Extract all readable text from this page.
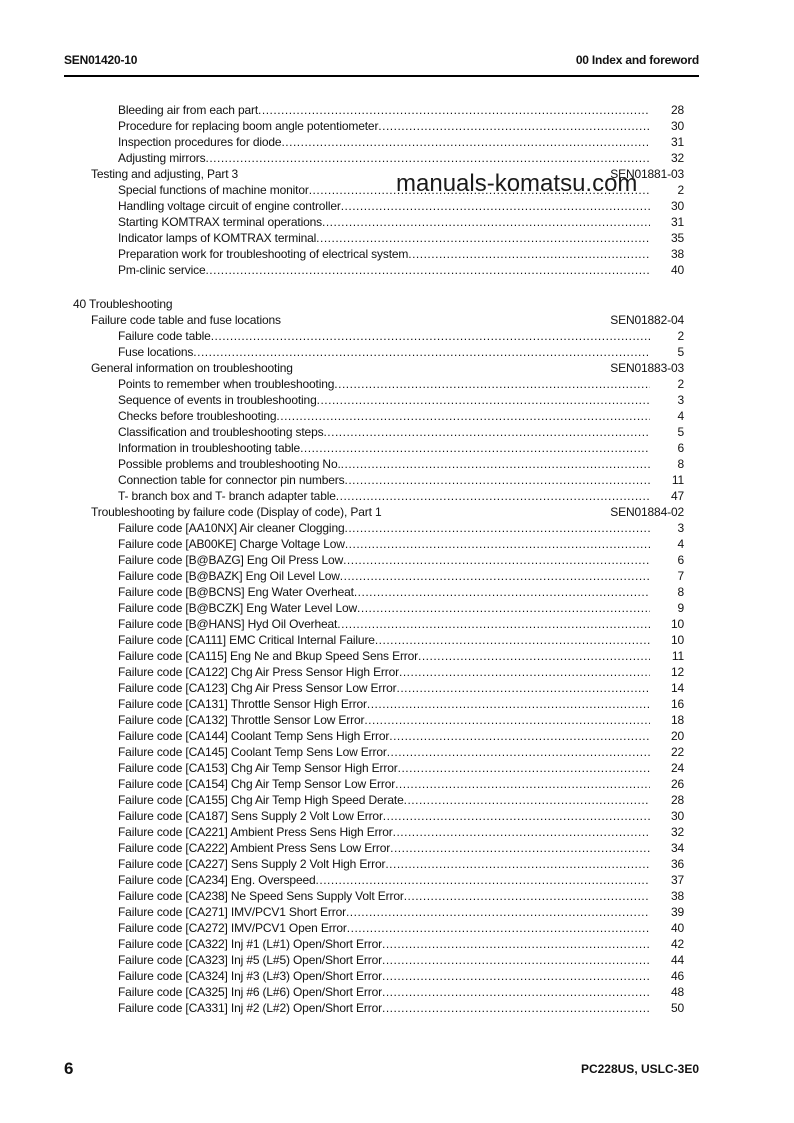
SEN01420-10	00 Index and foreword
manuals-komatsu.com
Bleeding air from each part .....	28
Procedure for replacing boom angle potentiometer .....	30
Inspection procedures for diode .....	31
Adjusting mirrors .....	32
Testing and adjusting, Part 3	SEN01881-03
Special functions of machine monitor .....	2
Handling voltage circuit of engine controller .....	30
Starting KOMTRAX terminal operations .....	31
Indicator lamps of KOMTRAX terminal .....	35
Preparation work for troubleshooting of electrical system .....	38
Pm-clinic service .....	40
40 Troubleshooting
Failure code table and fuse locations	SEN01882-04
Failure code table .....	2
Fuse locations .....	5
General information on troubleshooting	SEN01883-03
Points to remember when troubleshooting .....	2
Sequence of events in troubleshooting .....	3
Checks before troubleshooting .....	4
Classification and troubleshooting steps .....	5
Information in troubleshooting table .....	6
Possible problems and troubleshooting No. .....	8
Connection table for connector pin numbers .....	11
T- branch box and T- branch adapter table .....	47
Troubleshooting by failure code (Display of code), Part 1	SEN01884-02
Failure code [AA10NX] Air cleaner Clogging .....	3
Failure code [AB00KE] Charge Voltage Low .....	4
Failure code [B@BAZG] Eng Oil Press Low .....	6
Failure code [B@BAZK] Eng Oil Level Low .....	7
Failure code [B@BCNS] Eng Water Overheat .....	8
Failure code [B@BCZK] Eng Water Level Low .....	9
Failure code [B@HANS] Hyd Oil Overheat .....	10
Failure code [CA111] EMC Critical Internal Failure .....	10
Failure code [CA115] Eng Ne and Bkup Speed Sens Error .....	11
Failure code [CA122] Chg Air Press Sensor High Error .....	12
Failure code [CA123] Chg Air Press Sensor Low Error .....	14
Failure code [CA131] Throttle Sensor High Error .....	16
Failure code [CA132] Throttle Sensor Low Error .....	18
Failure code [CA144] Coolant Temp Sens High Error .....	20
Failure code [CA145] Coolant Temp Sens Low Error .....	22
Failure code [CA153] Chg Air Temp Sensor High Error .....	24
Failure code [CA154] Chg Air Temp Sensor Low Error .....	26
Failure code [CA155] Chg Air Temp High Speed Derate .....	28
Failure code [CA187] Sens Supply 2 Volt Low Error .....	30
Failure code [CA221] Ambient Press Sens High Error .....	32
Failure code [CA222] Ambient Press Sens Low Error .....	34
Failure code [CA227] Sens Supply 2 Volt High Error .....	36
Failure code [CA234] Eng. Overspeed .....	37
Failure code [CA238] Ne Speed Sens Supply Volt Error .....	38
Failure code [CA271] IMV/PCV1 Short Error .....	39
Failure code [CA272] IMV/PCV1 Open Error .....	40
Failure code [CA322] Inj #1 (L#1) Open/Short Error .....	42
Failure code [CA323] Inj #5 (L#5) Open/Short Error .....	44
Failure code [CA324] Inj #3 (L#3) Open/Short Error .....	46
Failure code [CA325] Inj #6 (L#6) Open/Short Error .....	48
Failure code [CA331] Inj #2 (L#2) Open/Short Error .....	50
6	PC228US, USLC-3E0
